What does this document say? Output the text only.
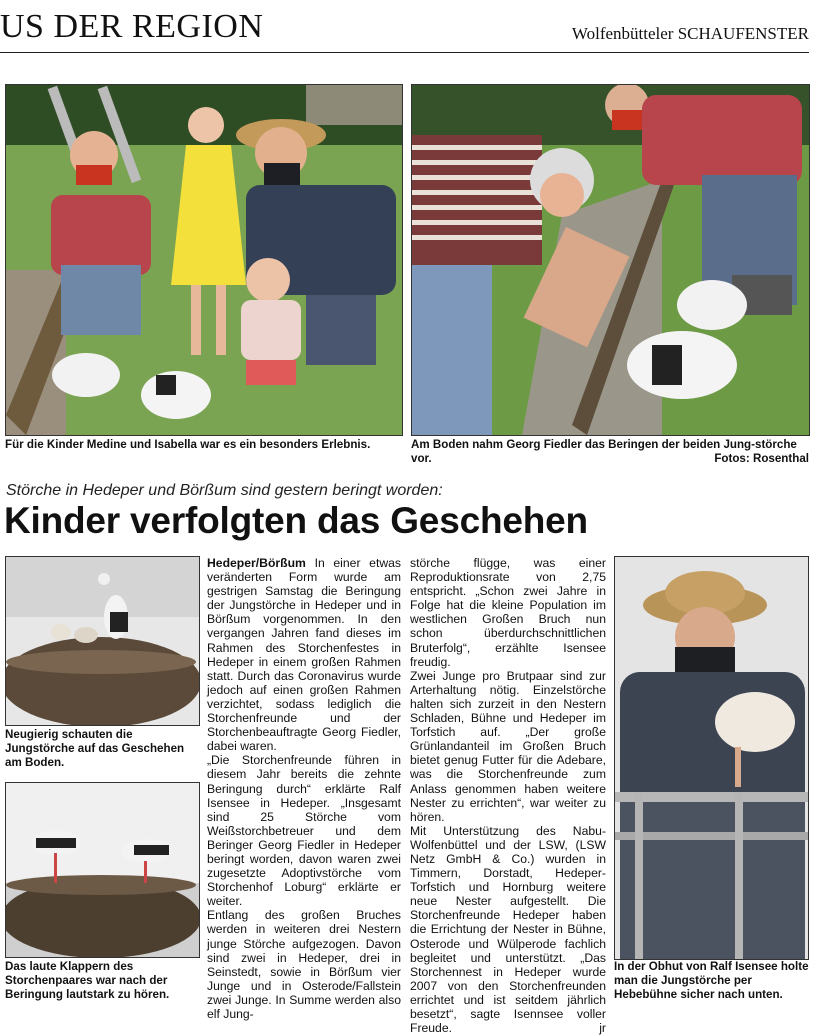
US DER REGION	Wolfenbütteler SCHAUFENSTER
Für die Kinder Medine und Isabella war es ein besonders Erlebnis.	Am Boden nahm Georg Fiedler das Beringen der beiden Jung-störche vor.	Fotos: Rosenthal
Störche in Hedeper und Börßum sind gestern beringt worden:
Kinder verfolgten das Geschehen
Neugierig schauten die Jungstörche auf das Geschehen am Boden.
Das laute Klappern des Storchenpaares war nach der Beringung lautstark zu hören.

Hedeper/Börßum In einer etwas veränderten Form wurde am gestrigen Samstag die Beringung der Jungstörche in Hedeper und in Börßum vorgenommen. In den vergangen Jahren fand dieses im Rahmen des Storchenfestes in Hedeper in einem großen Rahmen statt. Durch das Coronavirus wurde jedoch auf einen großen Rahmen verzichtet, sodass lediglich die Storchenfreunde und der Storchenbeauftragte Georg Fiedler, dabei waren.

„Die Storchenfreunde führen in diesem Jahr bereits die zehnte Beringung durch“ erklärte Ralf Isensee in Hedeper. „Insgesamt sind 25 Störche vom Weißstorchbetreuer und dem Beringer Georg Fiedler in Hedeper beringt worden, davon waren zwei zugesetzte Adoptivstörche vom Storchenhof Loburg“ erklärte er weiter.

Entlang des großen Bruches werden in weiteren drei Nestern junge Störche aufgezogen. Davon sind zwei in Hedeper, drei in Seinstedt, sowie in Börßum vier Junge und in Osterode/Fallstein zwei Junge. In Summe werden also elf Jung-

störche flügge, was einer Reproduktionsrate von 2,75 entspricht. „Schon zwei Jahre in Folge hat die kleine Population im westlichen Großen Bruch nun schon überdurchschnittlichen Bruterfolg“, erzählte Isensee freudig.

Zwei Junge pro Brutpaar sind zur Arterhaltung nötig. Einzelstörche halten sich zurzeit in den Nestern Schladen, Bühne und Hedeper im Torfstich auf. „Der große Grünlandanteil im Großen Bruch bietet genug Futter für die Adebare, was die Storchenfreunde zum Anlass genommen haben weitere Nester zu errichten“, war weiter zu hören.

Mit Unterstützung des Nabu-Wolfenbüttel und der LSW, (LSW Netz GmbH & Co.) wurden in Timmern, Dorstadt, Hedeper-Torfstich und Hornburg weitere neue Nester aufgestellt. Die Storchenfreunde Hedeper haben die Errichtung der Nester in Bühne, Osterode und Wülperode fachlich begleitet und unterstützt. „Das Storchennest in Hedeper wurde 2007 von den Storchenfreunden errichtet und ist seitdem jährlich besetzt“, sagte Isennsee voller Freude.	jr

In der Obhut von Ralf Isensee holte man die Jungstörche per Hebebühne sicher nach unten.
